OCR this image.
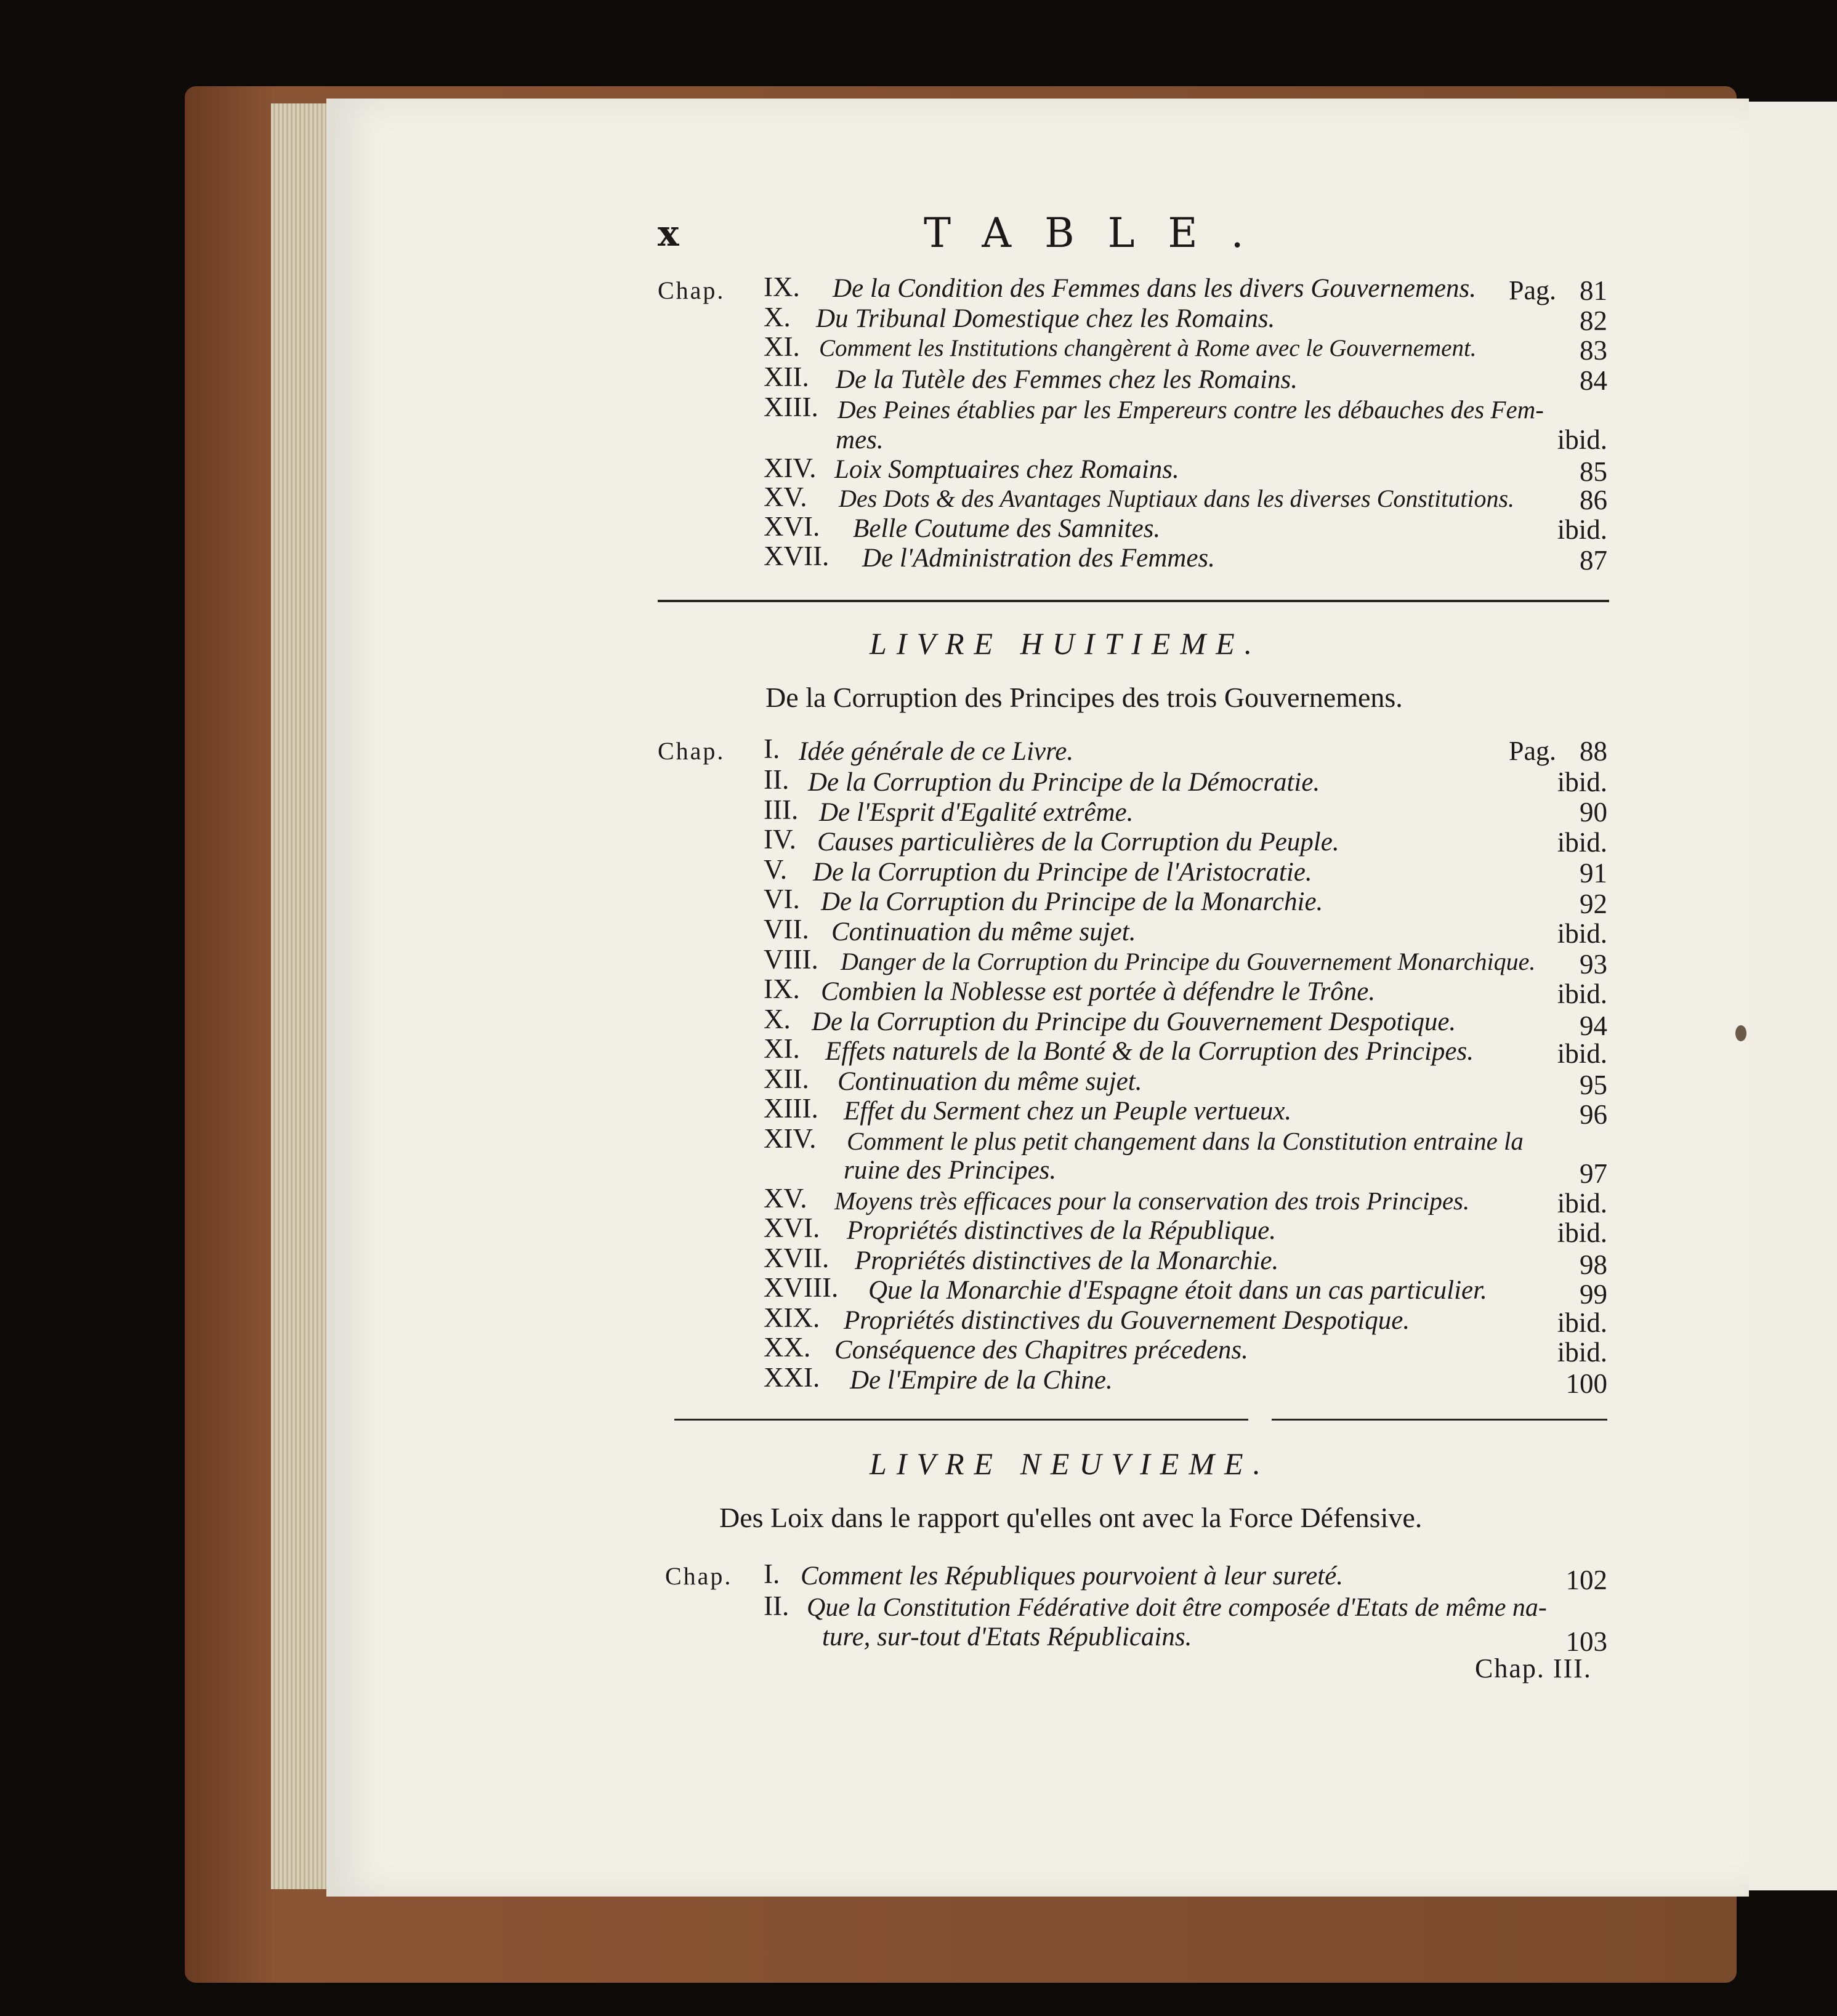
x	TABLE.
Chap.	Pag.
IX. De la Condition des Femmes dans les divers Gouvernemens.	81
X. Du Tribunal Domestique chez les Romains.	82
XI. Comment les Institutions changèrent à Rome avec le Gouvernement.	83
XII. De la Tutèle des Femmes chez les Romains.	84
XIII. Des Peines établies par les Empereurs contre les débauches des Fem-
mes.	ibid.
XIV. Loix Somptuaires chez Romains.	85
XV. Des Dots & des Avantages Nuptiaux dans les diverses Constitutions.	86
XVI. Belle Coutume des Samnites.	ibid.
XVII. De l'Administration des Femmes.	87
LIVRE HUITIEME.
De la Corruption des Principes des trois Gouvernemens.
Chap.	Pag.
I. Idée générale de ce Livre.	88
II. De la Corruption du Principe de la Démocratie.	ibid.
III. De l'Esprit d'Egalité extrême.	90
IV. Causes particulières de la Corruption du Peuple.	ibid.
V. De la Corruption du Principe de l'Aristocratie.	91
VI. De la Corruption du Principe de la Monarchie.	92
VII. Continuation du même sujet.	ibid.
VIII. Danger de la Corruption du Principe du Gouvernement Monarchique.	93
IX. Combien la Noblesse est portée à défendre le Trône.	ibid.
X. De la Corruption du Principe du Gouvernement Despotique.	94
XI. Effets naturels de la Bonté & de la Corruption des Principes.	ibid.
XII. Continuation du même sujet.	95
XIII. Effet du Serment chez un Peuple vertueux.	96
XIV. Comment le plus petit changement dans la Constitution entraine la
ruine des Principes.	97
XV. Moyens très efficaces pour la conservation des trois Principes.	ibid.
XVI. Propriétés distinctives de la République.	ibid.
XVII. Propriétés distinctives de la Monarchie.	98
XVIII. Que la Monarchie d'Espagne étoit dans un cas particulier.	99
XIX. Propriétés distinctives du Gouvernement Despotique.	ibid.
XX. Conséquence des Chapitres précedens.	ibid.
XXI. De l'Empire de la Chine.	100
LIVRE NEUVIEME.
Des Loix dans le rapport qu'elles ont avec la Force Défensive.
Chap. I. Comment les Républiques pourvoient à leur sureté.	102
II. Que la Constitution Fédérative doit être composée d'Etats de même na-
ture, sur-tout d'Etats Républicains.	103
Chap. III.
